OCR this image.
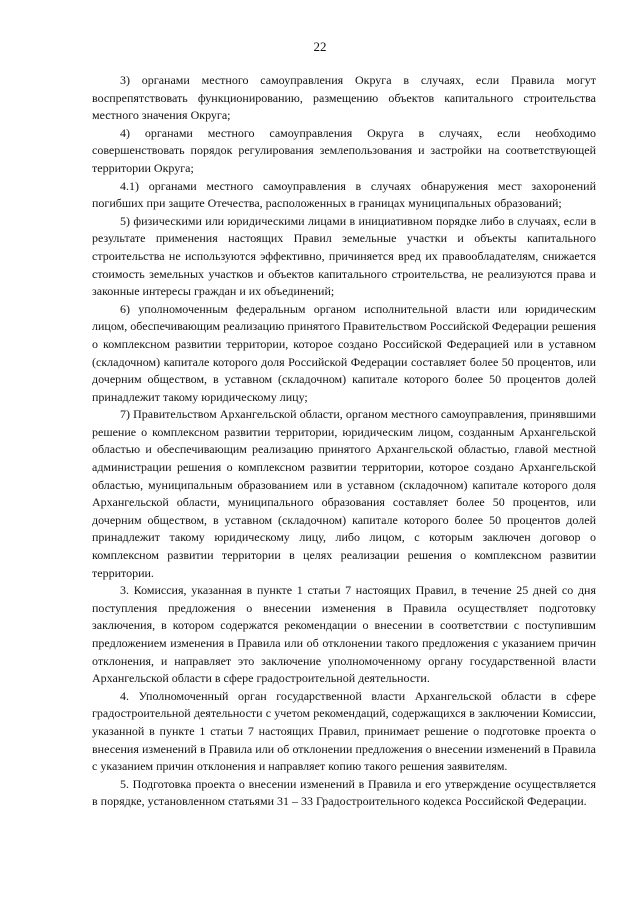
22

3) органами местного самоуправления Округа в случаях, если Правила могут воспрепятствовать функционированию, размещению объектов капитального строительства местного значения Округа;

4) органами местного самоуправления Округа в случаях, если необходимо совершенствовать порядок регулирования землепользования и застройки на соответствующей территории Округа;

4.1) органами местного самоуправления в случаях обнаружения мест захоронений погибших при защите Отечества, расположенных в границах муниципальных образований;

5) физическими или юридическими лицами в инициативном порядке либо в случаях, если в результате применения настоящих Правил земельные участки и объекты капитального строительства не используются эффективно, причиняется вред их правообладателям, снижается стоимость земельных участков и объектов капитального строительства, не реализуются права и законные интересы граждан и их объединений;

6) уполномоченным федеральным органом исполнительной власти или юридическим лицом, обеспечивающим реализацию принятого Правительством Российской Федерации решения о комплексном развитии территории, которое создано Российской Федерацией или в уставном (складочном) капитале которого доля Российской Федерации составляет более 50 процентов, или дочерним обществом, в уставном (складочном) капитале которого более 50 процентов долей принадлежит такому юридическому лицу;

7) Правительством Архангельской области, органом местного самоуправления, принявшими решение о комплексном развитии территории, юридическим лицом, созданным Архангельской областью и обеспечивающим реализацию принятого Архангельской областью, главой местной администрации решения о комплексном развитии территории, которое создано Архангельской областью, муниципальным образованием или в уставном (складочном) капитале которого доля Архангельской области, муниципального образования составляет более 50 процентов, или дочерним обществом, в уставном (складочном) капитале которого более 50 процентов долей принадлежит такому юридическому лицу, либо лицом, с которым заключен договор о комплексном развитии территории в целях реализации решения о комплексном развитии территории.

3. Комиссия, указанная в пункте 1 статьи 7 настоящих Правил, в течение 25 дней со дня поступления предложения о внесении изменения в Правила осуществляет подготовку заключения, в котором содержатся рекомендации о внесении в соответствии с поступившим предложением изменения в Правила или об отклонении такого предложения с указанием причин отклонения, и направляет это заключение уполномоченному органу государственной власти Архангельской области в сфере градостроительной деятельности.

4. Уполномоченный орган государственной власти Архангельской области в сфере градостроительной деятельности с учетом рекомендаций, содержащихся в заключении Комиссии, указанной в пункте 1 статьи 7 настоящих Правил, принимает решение о подготовке проекта о внесения изменений в Правила или об отклонении предложения о внесении изменений в Правила с указанием причин отклонения и направляет копию такого решения заявителям.

5. Подготовка проекта о внесении изменений в Правила и его утверждение осуществляется в порядке, установленном статьями 31 – 33 Градостроительного кодекса Российской Федерации.
